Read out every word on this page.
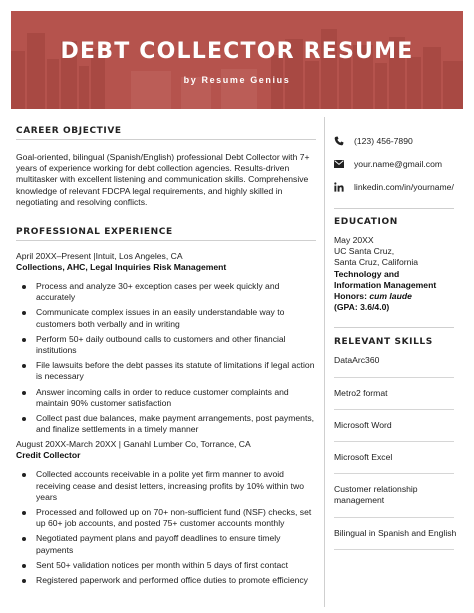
DEBT COLLECTOR RESUME
by Resume Genius
CAREER OBJECTIVE

Goal-oriented, bilingual (Spanish/English) professional Debt Collector with 7+ years of experience working for debt collection agencies. Results-driven multitasker with excellent listening and communication skills. Comprehensive knowledge of relevant FDCPA legal requirements, and highly skilled in negotiating and resolving conflicts.

PROFESSIONAL EXPERIENCE
April 20XX–Present |Intuit, Los Angeles, CA
Collections, AHC, Legal Inquiries Risk Management
Process and analyze 30+ exception cases per week quickly and accurately
Communicate complex issues in an easily understandable way to customers both verbally and in writing
Perform 50+ daily outbound calls to customers and other financial institutions
File lawsuits before the debt passes its statute of limitations if legal action is necessary
Answer incoming calls in order to reduce customer complaints and maintain 90% customer satisfaction
Collect past due balances, make payment arrangements, post payments, and finalize settlements in a timely manner
August 20XX-March 20XX | Ganahl Lumber Co, Torrance, CA
Credit Collector
Collected accounts receivable in a polite yet firm manner to avoid receiving cease and desist letters, increasing profits by 10% within two years
Processed and followed up on 70+ non-sufficient fund (NSF) checks, set up 60+ job accounts, and posted 75+ customer accounts monthly
Negotiated payment plans and payoff deadlines to ensure timely payments
Sent 50+ validation notices per month within 5 days of first contact
Registered paperwork and performed office duties to promote efficiency
(123) 456-7890
your.name@gmail.com
linkedin.com/in/yourname/
EDUCATION
May 20XX
UC Santa Cruz,
Santa Cruz, California
Technology and
Information Management
Honors: cum laude
(GPA: 3.6/4.0)
RELEVANT SKILLS
DataArc360
Metro2 format
Microsoft Word
Microsoft Excel
Customer relationship management
Bilingual in Spanish and English
